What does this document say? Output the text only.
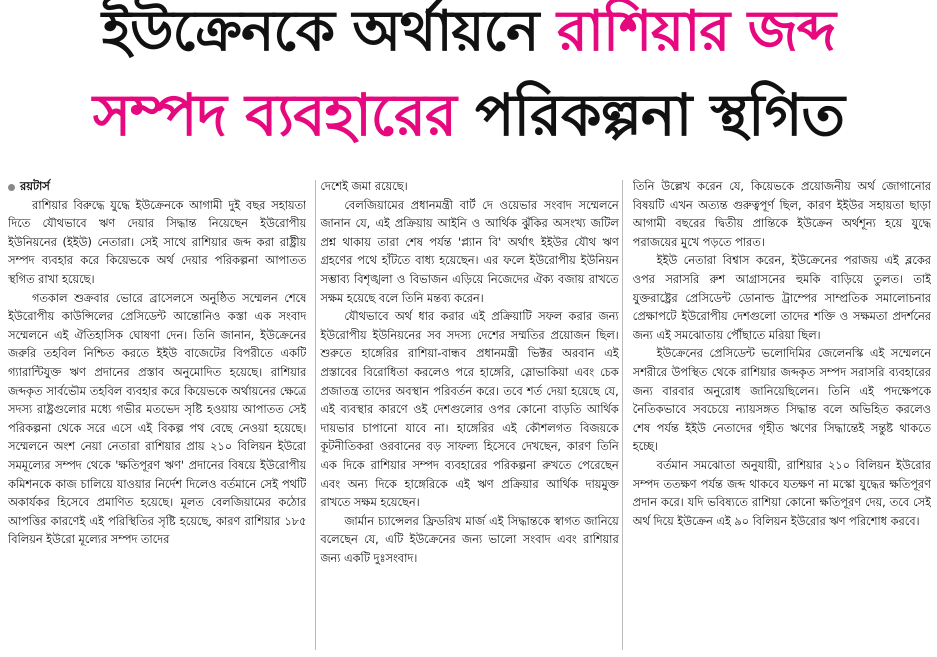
ইউক্রেনকে অর্থায়নে রাশিয়ার জব্দ
সম্পদ ব্যবহারের পরিকল্পনা স্থগিত
রয়টার্স

রাশিয়ার বিরুদ্ধে যুদ্ধে ইউক্রেনকে আগামী দুই বছর সহায়তা দিতে যৌথভাবে ঋণ দেয়ার সিদ্ধান্ত নিয়েছেন ইউরোপীয় ইউনিয়নের (ইইউ) নেতারা। সেই সাথে রাশিয়ার জব্দ করা রাষ্ট্রীয় সম্পদ ব্যবহার করে কিয়েভকে অর্থ দেয়ার পরিকল্পনা আপাতত স্থগিত রাখা হয়েছে।

গতকাল শুক্রবার ভোরে ব্রাসেলসে অনুষ্ঠিত সম্মেলন শেষে ইউরোপীয় কাউন্সিলের প্রেসিডেন্ট আন্তোনিও কস্তা এক সংবাদ সম্মেলনে এই ঐতিহাসিক ঘোষণা দেন। তিনি জানান, ইউক্রেনের জরুরি তহবিল নিশ্চিত করতে ইইউ বাজেটের বিপরীতে একটি গ্যারান্টিযুক্ত ঋণ প্রদানের প্রস্তাব অনুমোদিত হয়েছে। রাশিয়ার জব্দকৃত সার্বভৌম তহবিল ব্যবহার করে কিয়েভকে অর্থায়নের ক্ষেত্রে সদস্য রাষ্ট্রগুলোর মধ্যে গভীর মতভেদ সৃষ্টি হওয়ায় আপাতত সেই পরিকল্পনা থেকে সরে এসে এই বিকল্প পথ বেছে নেওয়া হয়েছে। সম্মেলনে অংশ নেয়া নেতারা রাশিয়ার প্রায় ২১০ বিলিয়ন ইউরো সমমূল্যের সম্পদ থেকে 'ক্ষতিপূরণ ঋণ' প্রদানের বিষয়ে ইউরোপীয় কমিশনকে কাজ চালিয়ে যাওয়ার নির্দেশ দিলেও বর্তমানে সেই পথটি অকার্যকর হিসেবে প্রমাণিত হয়েছে। মূলত বেলজিয়ামের কঠোর আপত্তির কারণেই এই পরিস্থিতির সৃষ্টি হয়েছে, কারণ রাশিয়ার ১৮৫ বিলিয়ন ইউরো মূল্যের সম্পদ তাদের

দেশেই জমা রয়েছে।

বেলজিয়ামের প্রধানমন্ত্রী বার্ট দে ওয়েভার সংবাদ সম্মেলনে জানান যে, এই প্রক্রিয়ায় আইনি ও আর্থিক ঝুঁকির অসংখ্য জটিল প্রশ্ন থাকায় তারা শেষ পর্যন্ত 'প্ল্যান বি' অর্থাৎ ইইউর যৌথ ঋণ গ্রহণের পথে হাঁটতে বাধ্য হয়েছেন। এর ফলে ইউরোপীয় ইউনিয়ন সম্ভাব্য বিশৃঙ্খলা ও বিভাজন এড়িয়ে নিজেদের ঐক্য বজায় রাখতে সক্ষম হয়েছে বলে তিনি মন্তব্য করেন।

যৌথভাবে অর্থ ধার করার এই প্রক্রিয়াটি সফল করার জন্য ইউরোপীয় ইউনিয়নের সব সদস্য দেশের সম্মতির প্রয়োজন ছিল। শুরুতে হাঙ্গেরির রাশিয়া-বান্ধব প্রধানমন্ত্রী ভিক্টর অরবান এই প্রস্তাবের বিরোধিতা করলেও পরে হাঙ্গেরি, স্লোভাকিয়া এবং চেক প্রজাতন্ত্র তাদের অবস্থান পরিবর্তন করে। তবে শর্ত দেয়া হয়েছে যে, এই ব্যবস্থার কারণে ওই দেশগুলোর ওপর কোনো বাড়তি আর্থিক দায়ভার চাপানো যাবে না। হাঙ্গেরির এই কৌশলগত বিজয়কে কূটনীতিকরা ওরবানের বড় সাফল্য হিসেবে দেখছেন, কারণ তিনি এক দিকে রাশিয়ার সম্পদ ব্যবহারের পরিকল্পনা রুখতে পেরেছেন এবং অন্য দিকে হাঙ্গেরিকে এই ঋণ প্রক্রিয়ার আর্থিক দায়মুক্ত রাখতে সক্ষম হয়েছেন।

জার্মান চ্যান্সেলর ফ্রিডরিখ মার্জ এই সিদ্ধান্তকে স্বাগত জানিয়ে বলেছেন যে, এটি ইউক্রেনের জন্য ভালো সংবাদ এবং রাশিয়ার জন্য একটি দুঃসংবাদ।

তিনি উল্লেখ করেন যে, কিয়েভকে প্রয়োজনীয় অর্থ জোগানোর বিষয়টি এখন অত্যন্ত গুরুত্বপূর্ণ ছিল, কারণ ইইউর সহায়তা ছাড়া আগামী বছরের দ্বিতীয় প্রান্তিকে ইউক্রেন অর্থশূন্য হয়ে যুদ্ধে পরাজয়ের মুখে পড়তে পারত।

ইইউ নেতারা বিশ্বাস করেন, ইউক্রেনের পরাজয় এই ব্লকের ওপর সরাসরি রুশ আগ্রাসনের হুমকি বাড়িয়ে তুলত। তাই যুক্তরাষ্ট্রের প্রেসিডেন্ট ডোনাল্ড ট্রাম্পের সাম্প্রতিক সমালোচনার প্রেক্ষাপটে ইউরোপীয় দেশগুলো তাদের শক্তি ও সক্ষমতা প্রদর্শনের জন্য এই সমঝোতায় পৌঁছাতে মরিয়া ছিল।

ইউক্রেনের প্রেসিডেন্ট ভলোদিমির জেলেনস্কি এই সম্মেলনে সশরীরে উপস্থিত থেকে রাশিয়ার জব্দকৃত সম্পদ সরাসরি ব্যবহারের জন্য বারবার অনুরোধ জানিয়েছিলেন। তিনি এই পদক্ষেপকে নৈতিকভাবে সবচেয়ে ন্যায়সঙ্গত সিদ্ধান্ত বলে অভিহিত করলেও শেষ পর্যন্ত ইইউ নেতাদের গৃহীত ঋণের সিদ্ধান্তেই সন্তুষ্ট থাকতে হচ্ছে।

বর্তমান সমঝোতা অনুযায়ী, রাশিয়ার ২১০ বিলিয়ন ইউরোর সম্পদ ততক্ষণ পর্যন্ত জব্দ থাকবে যতক্ষণ না মস্কো যুদ্ধের ক্ষতিপূরণ প্রদান করে। যদি ভবিষ্যতে রাশিয়া কোনো ক্ষতিপূরণ দেয়, তবে সেই অর্থ দিয়ে ইউক্রেন এই ৯০ বিলিয়ন ইউরোর ঋণ পরিশোধ করবে।
